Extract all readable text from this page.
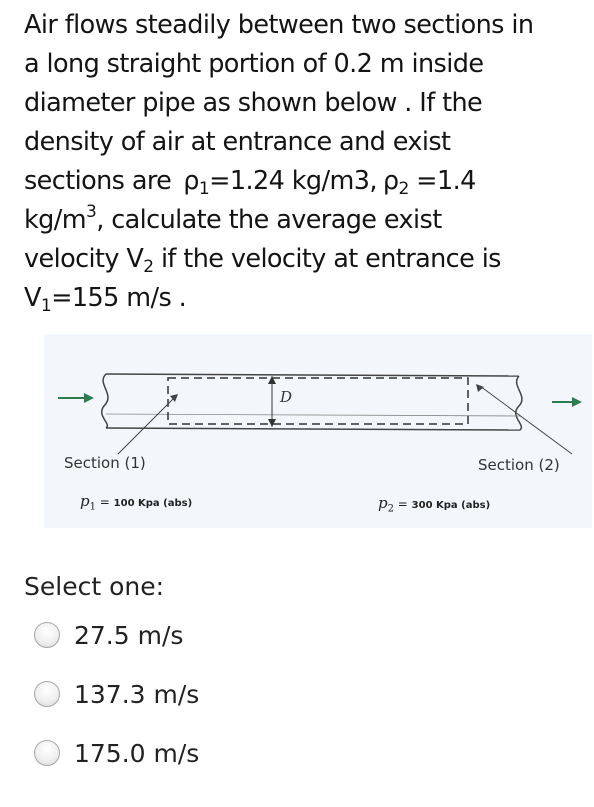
Air flows steadily between two sections in
a long straight portion of 0.2 m inside
diameter pipe as shown below . If the
density of air at entrance and exist
sections are $\rho_1=1.24$ kg/m3, $\rho_2 =1.4$
$kg/m^3$, calculate the average exist
velocity $V_2$ if the velocity at entrance is
$V_1=155$ m/s .
D
Section (1)	Section (2)
$p_1 = 100$ Kpa (abs)	$p_2 = 300$ Kpa (abs)
Select one:
27.5 m/s
137.3 m/s
175.0 m/s
